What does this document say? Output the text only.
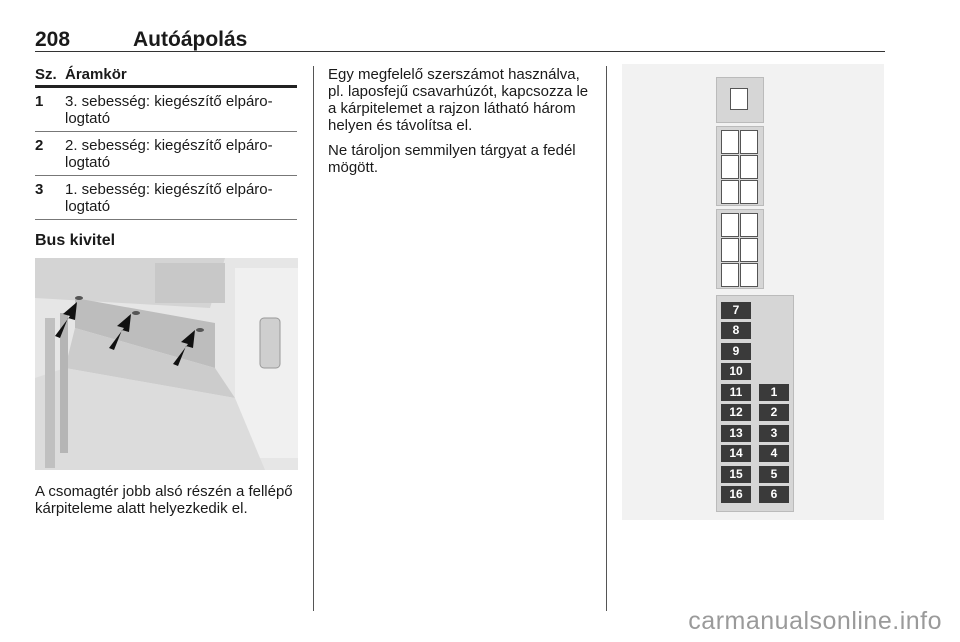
208	Autóápolás
Sz. Áramkör
1	3. sebesség: kiegészítő elpáro-
logtató
2	2. sebesség: kiegészítő elpáro-
logtató
3	1. sebesség: kiegészítő elpáro-
logtató
Bus kivitel
A csomagtér jobb alsó részén a fellépő kárpiteleme alatt helyezkedik el.

Egy megfelelő szerszámot használva, pl. laposfejű csavarhúzót, kapcsozza le a kárpitelemet a rajzon látható három helyen és távolítsa el.

Ne tároljon semmilyen tárgyat a fedél mögött.

7
8
9
10
11
12
13
14
15
16
1
2
3
4
5
6
carmanualsonline.info
